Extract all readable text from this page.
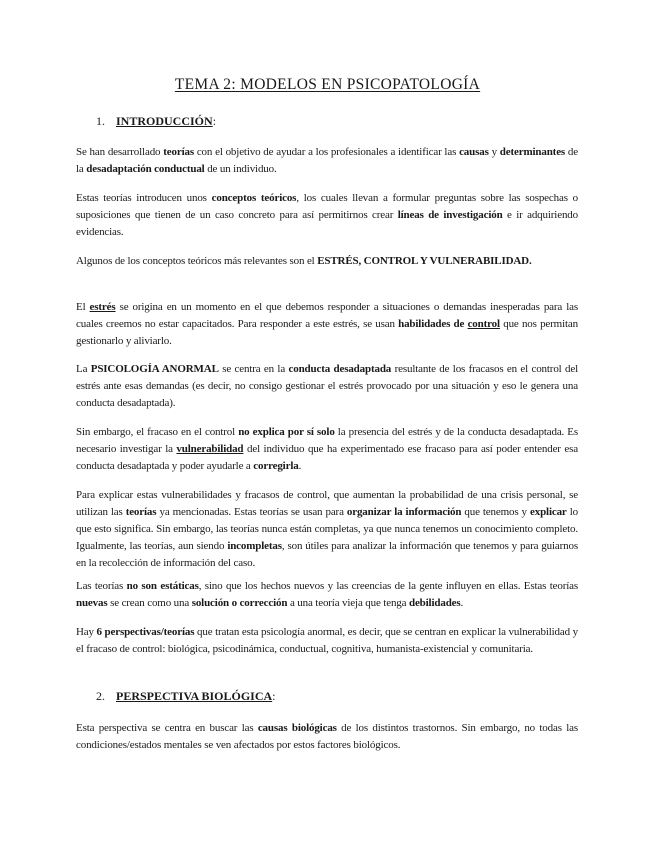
TEMA 2: MODELOS EN PSICOPATOLOGÍA
1. INTRODUCCIÓN:
Se han desarrollado teorías con el objetivo de ayudar a los profesionales a identificar las causas y determinantes de la desadaptación conductual de un individuo.
Estas teorías introducen unos conceptos teóricos, los cuales llevan a formular preguntas sobre las sospechas o suposiciones que tienen de un caso concreto para así permitirnos crear líneas de investigación e ir adquiriendo evidencias.
Algunos de los conceptos teóricos más relevantes son el ESTRÉS, CONTROL Y VULNERABILIDAD.
El estrés se origina en un momento en el que debemos responder a situaciones o demandas inesperadas para las cuales creemos no estar capacitados. Para responder a este estrés, se usan habilidades de control que nos permitan gestionarlo y aliviarlo.
La PSICOLOGÍA ANORMAL se centra en la conducta desadaptada resultante de los fracasos en el control del estrés ante esas demandas (es decir, no consigo gestionar el estrés provocado por una situación y eso le genera una conducta desadaptada).
Sin embargo, el fracaso en el control no explica por sí solo la presencia del estrés y de la conducta desadaptada. Es necesario investigar la vulnerabilidad del individuo que ha experimentado ese fracaso para así poder entender esa conducta desadaptada y poder ayudarle a corregirla.
Para explicar estas vulnerabilidades y fracasos de control, que aumentan la probabilidad de una crisis personal, se utilizan las teorías ya mencionadas. Estas teorías se usan para organizar la información que tenemos y explicar lo que esto significa. Sin embargo, las teorías nunca están completas, ya que nunca tenemos un conocimiento completo. Igualmente, las teorías, aun siendo incompletas, son útiles para analizar la información que tenemos y para guiarnos en la recolección de información del caso.
Las teorías no son estáticas, sino que los hechos nuevos y las creencias de la gente influyen en ellas. Estas teorías nuevas se crean como una solución o corrección a una teoría vieja que tenga debilidades.
Hay 6 perspectivas/teorías que tratan esta psicología anormal, es decir, que se centran en explicar la vulnerabilidad y el fracaso de control: biológica, psicodinámica, conductual, cognitiva, humanista-existencial y comunitaria.
2. PERSPECTIVA BIOLÓGICA:
Esta perspectiva se centra en buscar las causas biológicas de los distintos trastornos. Sin embargo, no todas las condiciones/estados mentales se ven afectados por estos factores biológicos.
